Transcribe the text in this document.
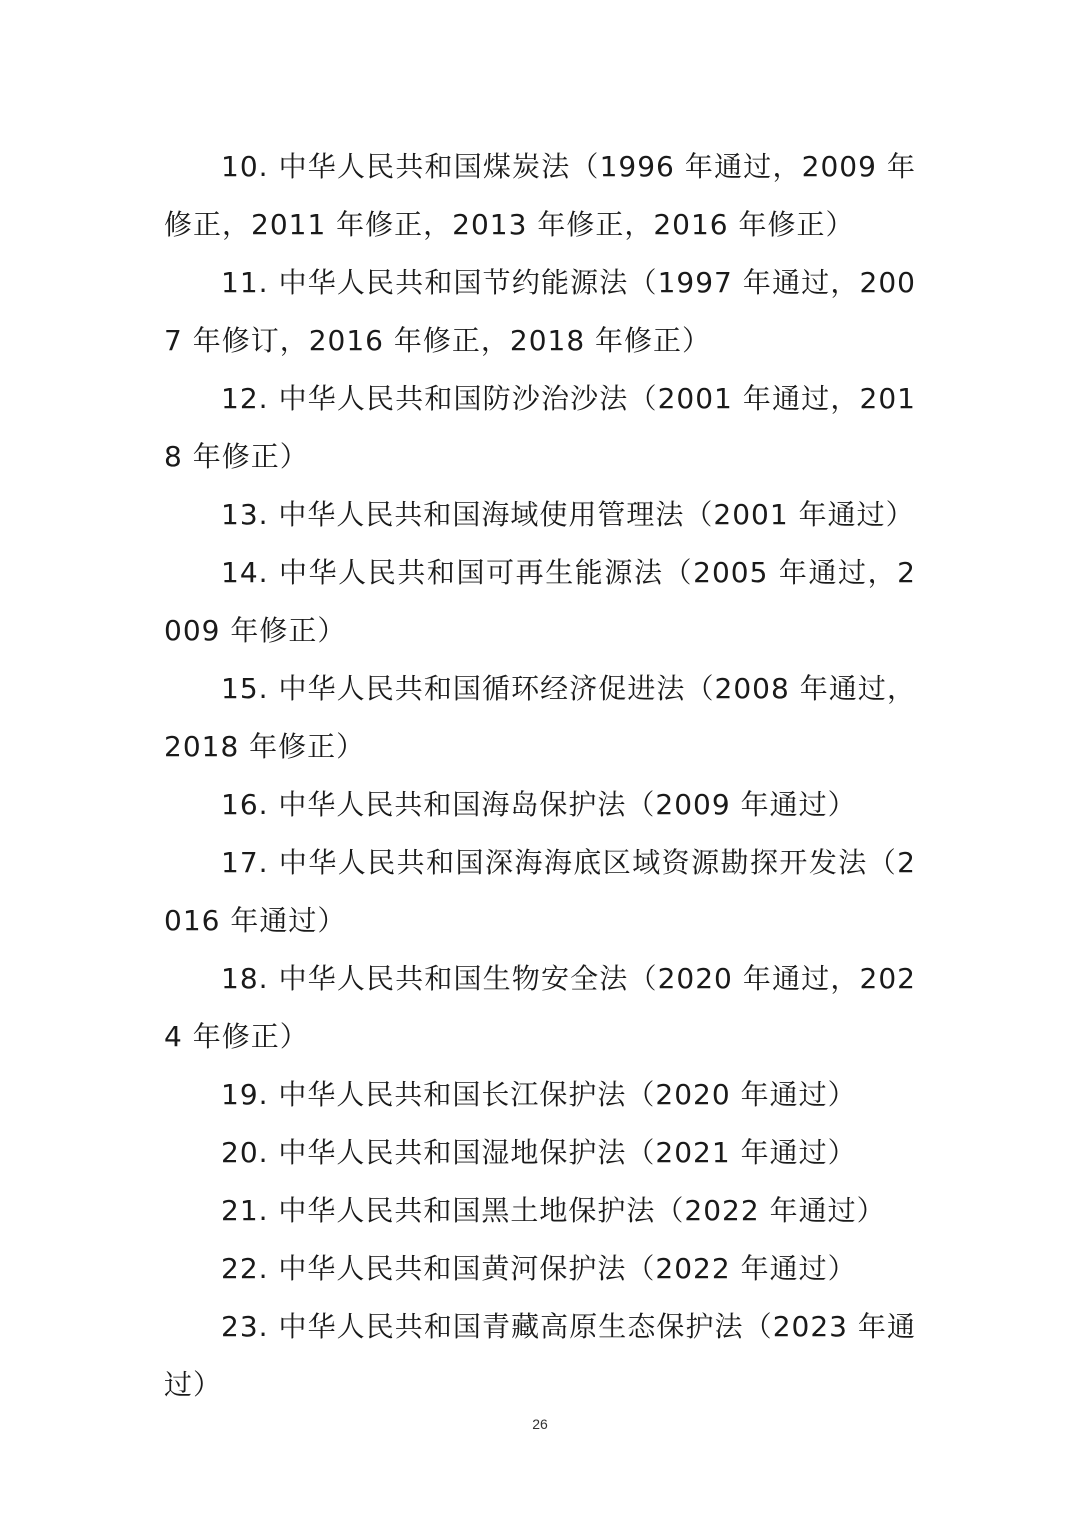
10. 中华人民共和国煤炭法（1996 年通过，2009 年修正，2011 年修正，2013 年修正，2016 年修正）

11. 中华人民共和国节约能源法（1997 年通过，2007 年修订，2016 年修正，2018 年修正）

12. 中华人民共和国防沙治沙法（2001 年通过，2018 年修正）

13. 中华人民共和国海域使用管理法（2001 年通过）

14. 中华人民共和国可再生能源法（2005 年通过，2009 年修正）

15. 中华人民共和国循环经济促进法（2008 年通过，2018 年修正）

16. 中华人民共和国海岛保护法（2009 年通过）

17. 中华人民共和国深海海底区域资源勘探开发法（2016 年通过）

18. 中华人民共和国生物安全法（2020 年通过，2024 年修正）

19. 中华人民共和国长江保护法（2020 年通过）

20. 中华人民共和国湿地保护法（2021 年通过）

21. 中华人民共和国黑土地保护法（2022 年通过）

22. 中华人民共和国黄河保护法（2022 年通过）

23. 中华人民共和国青藏高原生态保护法（2023 年通过）

26
